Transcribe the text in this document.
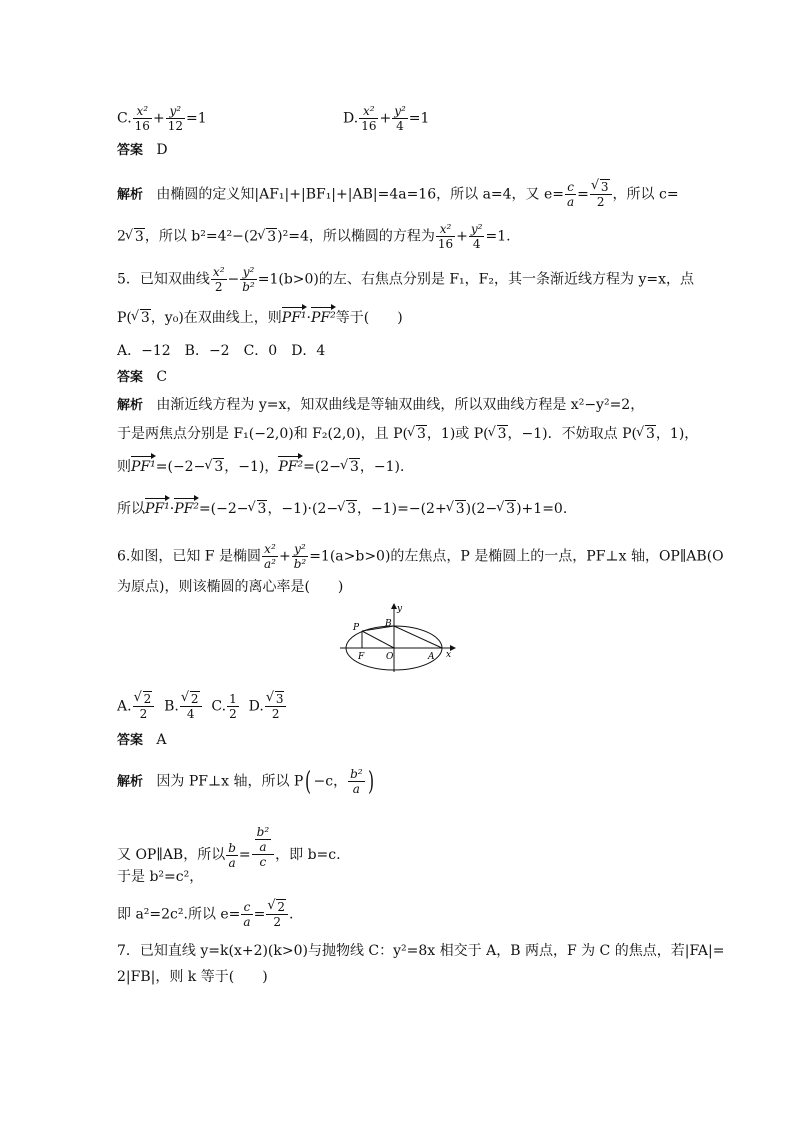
C. $\frac{\text{x²}}{16} + \frac{\text{y²}}{12} =1$	D. $\frac{\text{x²}}{16} + \frac{\text{y²}}{4} =1$
答案 D
解析 由椭圆的定义知|AF₁|+|BF₁|+|AB|=4a=16，所以 a=4，又 $e= \frac{c}{a}$ = √ $\frac{3}{2}$ ，所以 c=
2 √ 3，所以 b²=4²−(2 √ 3)²=4，所以椭圆的方程为 $\frac{\text{x²}}{16} + \frac{\text{y²}}{4} =1$.
5．已知双曲线 $\frac{\text{x²}}{2} - \frac{\text{y²}}{\text{b²}} =1(b>0)$的左、右焦点分别是 F₁，F₂，其一条渐近线方程为 y=x，点
P( √ 3，y₀)在双曲线上，则PF¹·PF²等于(　　)
A．−12　B．−2　C．0　D．4
答案 C
解析 由渐近线方程为 y=x，知双曲线是等轴双曲线，所以双曲线方程是 x²−y²=2，
于是两焦点分别是 F₁(−2,0)和 F₂(2,0)，且 P( √ 3，1)或 P( √ 3，−1)．不妨取点 P( √ 3，1)，
则PF¹=(−2− √ 3，−1)，PF²=(2− √ 3，−1)．
所以PF¹·PF²=(−2− √ 3，−1)·(2− √ 3，−1)=−(2+ √ 3)(2− √ 3)+1=0.
6.如图，已知 F 是椭圆 $\frac{\text{x²}}{\text{a²}} + \frac{\text{y²}}{\text{b²}} =1(a>b>0)$的左焦点，P 是椭圆上的一点，PF⊥x 轴，OP∥AB(O
为原点)，则该椭圆的离心率是(　　)
y
B
P
F O	A x
A. √ $\frac{2}{2} B$. √ $\frac{2}{4} C$. $\frac{1}{2} D$. √ $\frac{3}{2}$
答案 A
解析 因为 PF⊥x 轴，所以 P( −c， $\frac{\text{b²}}{a}$ )
又 OP∥AB，所以 $\frac{b}{a} = \frac{\frac{\text{b²}}{a}}{c}$ ，即 b=c.
于是 b²=c²，
即 a²=2c².所以 $e= \frac{c}{a}$ = √ $\frac{2}{2}$ .
7．已知直线 y=k(x+2)(k>0)与抛物线 C：y²=8x 相交于 A，B 两点，F 为 C 的焦点，若|FA|=
2|FB|，则 k 等于(　　)
